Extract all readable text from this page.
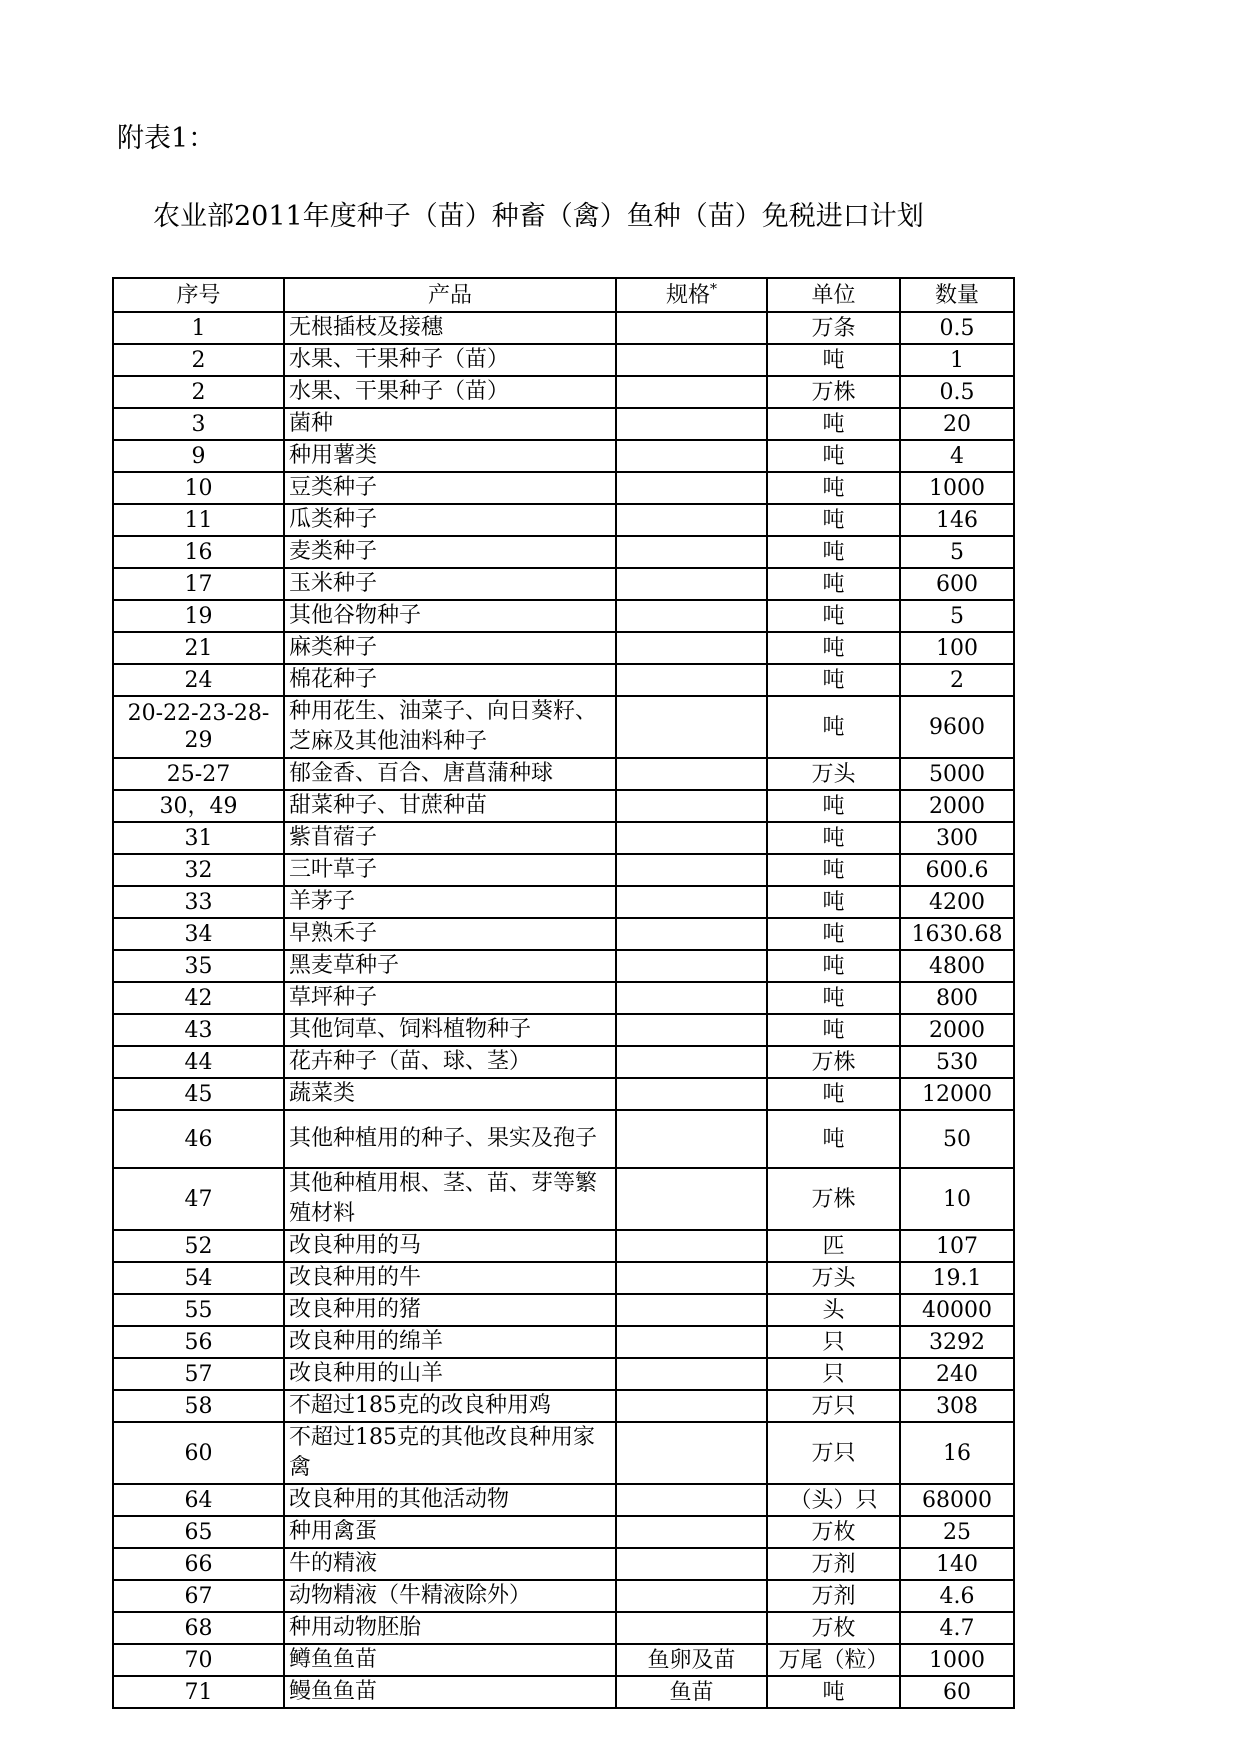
附表1：
农业部2011年度种子（苗）种畜（禽）鱼种（苗）免税进口计划
序号	产品	规格*	单位	数量
1	无根插枝及接穗		万条	0.5
2	水果、干果种子（苗）		吨	1
2	水果、干果种子（苗）		万株	0.5
3	菌种		吨	20
9	种用薯类		吨	4
10	豆类种子		吨	1000
11	瓜类种子		吨	146
16	麦类种子		吨	5
17	玉米种子		吨	600
19	其他谷物种子		吨	5
21	麻类种子		吨	100
24	棉花种子		吨	2
20-22-23-28-29	种用花生、油菜子、向日葵籽、芝麻及其他油料种子		吨	9600
25-27	郁金香、百合、唐菖蒲种球		万头	5000
30，49	甜菜种子、甘蔗种苗		吨	2000
31	紫苜蓿子		吨	300
32	三叶草子		吨	600.6
33	羊茅子		吨	4200
34	早熟禾子		吨	1630.68
35	黑麦草种子		吨	4800
42	草坪种子		吨	800
43	其他饲草、饲料植物种子		吨	2000
44	花卉种子（苗、球、茎）		万株	530
45	蔬菜类		吨	12000
46	其他种植用的种子、果实及孢子		吨	50
47	其他种植用根、茎、苗、芽等繁殖材料		万株	10
52	改良种用的马		匹	107
54	改良种用的牛		万头	19.1
55	改良种用的猪		头	40000
56	改良种用的绵羊		只	3292
57	改良种用的山羊		只	240
58	不超过185克的改良种用鸡		万只	308
60	不超过185克的其他改良种用家禽		万只	16
64	改良种用的其他活动物		（头）只	68000
65	种用禽蛋		万枚	25
66	牛的精液		万剂	140
67	动物精液（牛精液除外）		万剂	4.6
68	种用动物胚胎		万枚	4.7
70	鳟鱼鱼苗	鱼卵及苗	万尾（粒）	1000
71	鳗鱼鱼苗	鱼苗	吨	60
